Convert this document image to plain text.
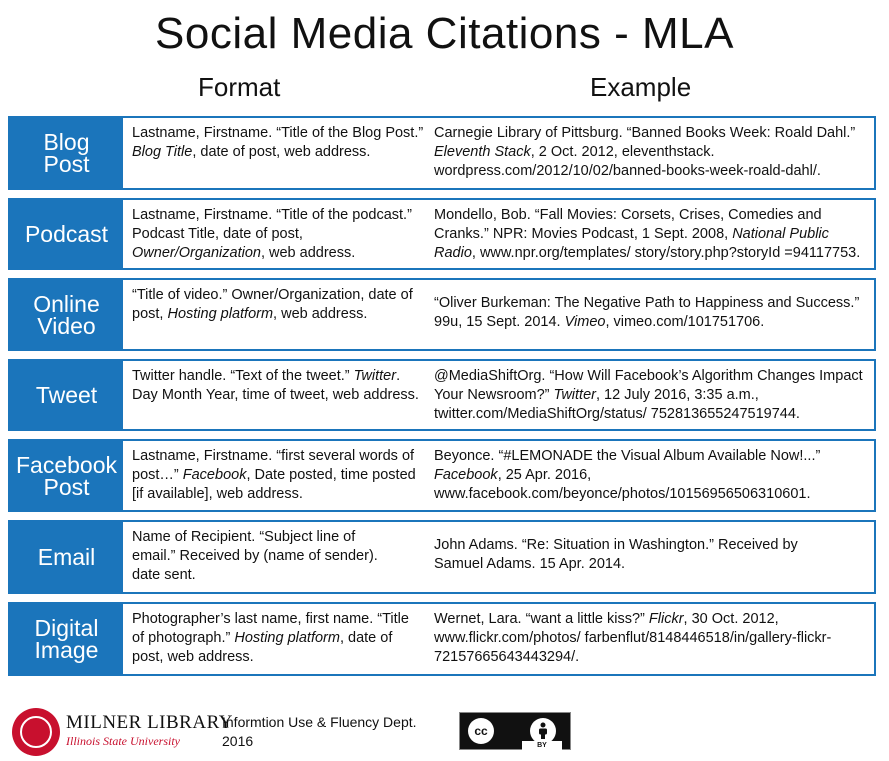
Social Media Citations - MLA
Format	Example
Blog Post
Lastname, Firstname. “Title of the Blog Post.” Blog Title, date of post, web address.
Carnegie Library of Pittsburg. “Banned Books Week: Roald Dahl.” Eleventh Stack, 2 Oct. 2012, eleventhstack. wordpress.com/2012/10/02/banned-books-week-roald-dahl/.
Podcast
Lastname, Firstname. “Title of the podcast.” Podcast Title, date of post, Owner/Organization, web address.
Mondello, Bob. “Fall Movies: Corsets, Crises, Comedies and Cranks.” NPR: Movies Podcast, 1 Sept. 2008, National Public Radio, www.npr.org/templates/ story/story.php?storyId =94117753.
Online Video
“Title of video.” Owner/Organization, date of post, Hosting platform, web address.
“Oliver Burkeman: The Negative Path to Happiness and Success.” 99u, 15 Sept. 2014. Vimeo, vimeo.com/101751706.
Tweet
Twitter handle. “Text of the tweet.” Twitter. Day Month Year, time of tweet, web address.
@MediaShiftOrg. “How Will Facebook’s Algorithm Changes Impact Your Newsroom?” Twitter, 12 July 2016, 3:35 a.m., twitter.com/MediaShiftOrg/status/ 752813655247519744.
Facebook Post
Lastname, Firstname. “first several words of post…” Facebook, Date posted, time posted [if available], web address.
Beyonce. “#LEMONADE the Visual Album Available Now!...” Facebook, 25 Apr. 2016, www.facebook.com/beyonce/photos/10156956506310601.
Email
Name of Recipient. “Subject line of email.” Received by (name of sender). date sent.
John Adams. “Re: Situation in Washington.” Received by Samuel Adams. 15 Apr. 2014.
Digital Image
Photographer’s last name, first name. “Title of photograph.” Hosting platform, date of post, web address.
Wernet, Lara. “want a little kiss?” Flickr, 30 Oct. 2012, www.flickr.com/photos/ farbenflut/8148446518/in/gallery-flickr-72157665643443294/.
MILNER LIBRARY
Illinois State University
Informtion Use & Fluency Dept.
2016
cc
BY
